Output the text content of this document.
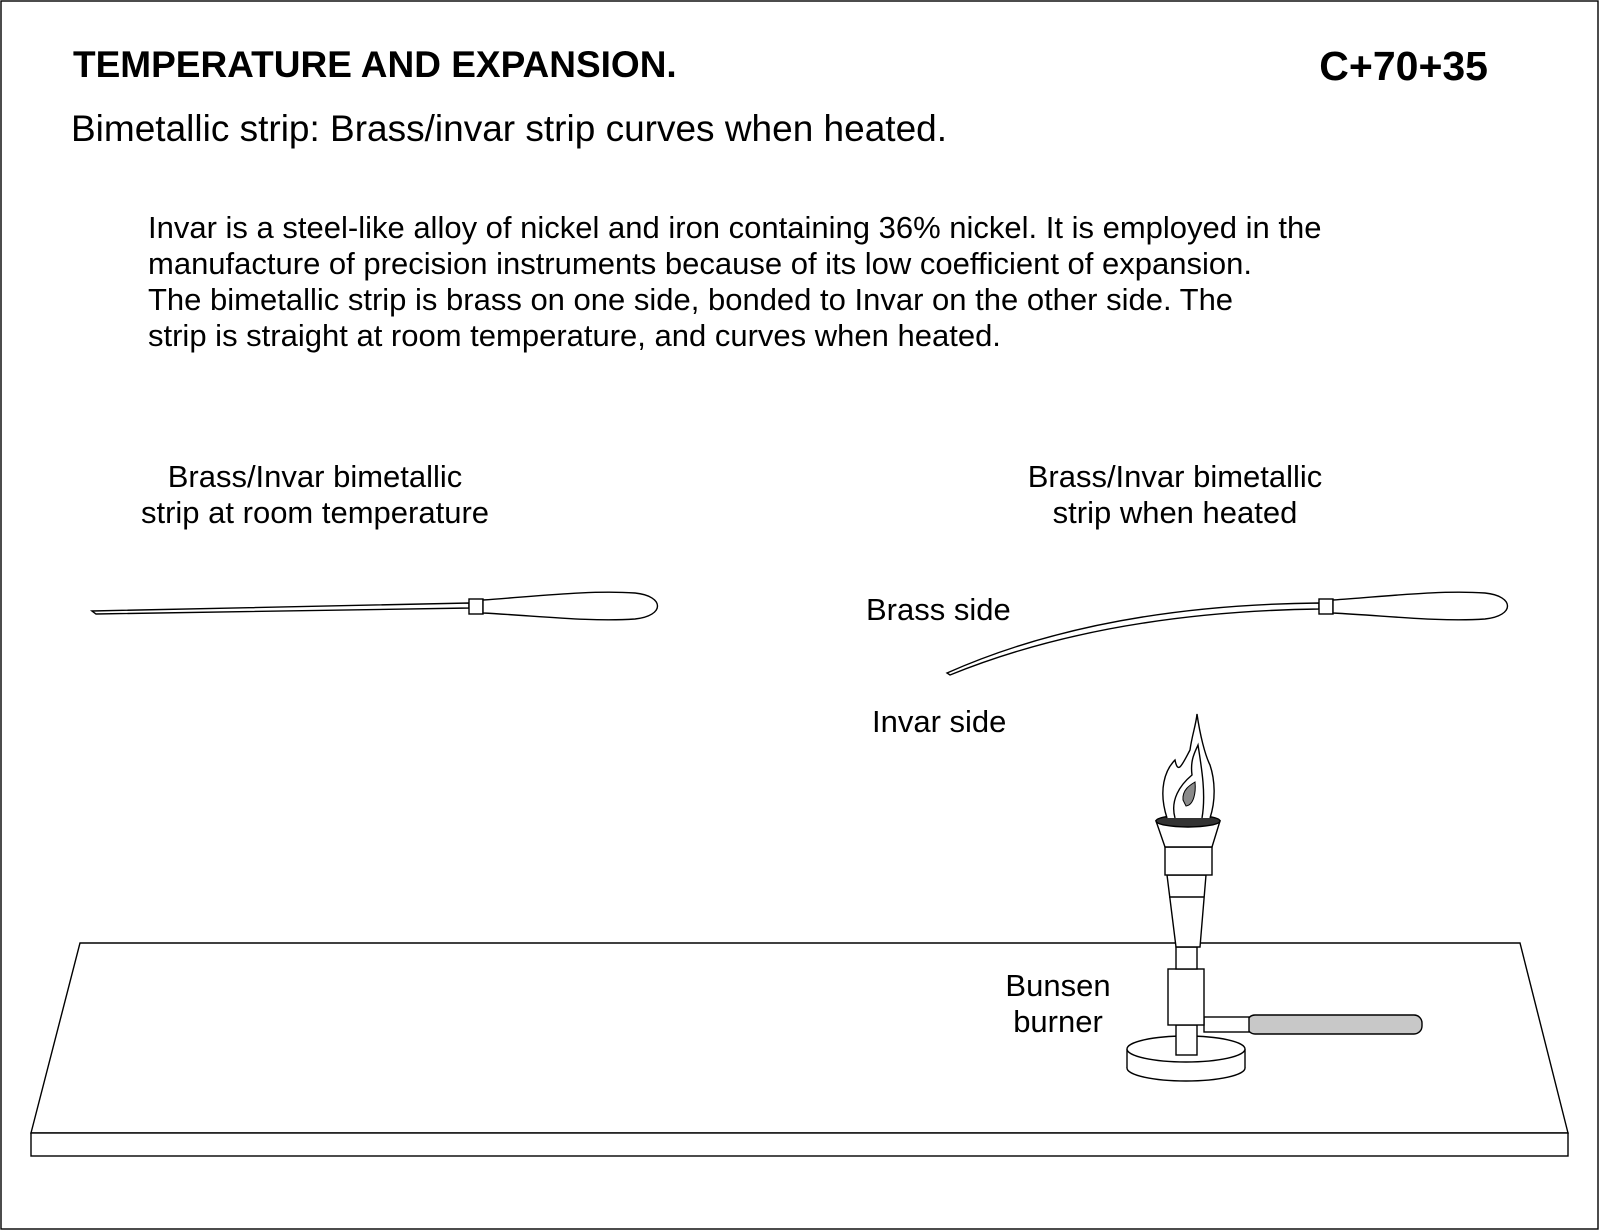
TEMPERATURE AND EXPANSION.	C+70+35
Bimetallic strip: Brass/invar strip curves when heated.
Invar is a steel-like alloy of nickel and iron containing 36% nickel. It is employed in the
manufacture of precision instruments because of its low coefficient of expansion.
The bimetallic strip is brass on one side, bonded to Invar on the other side. The
strip is straight at room temperature, and curves when heated.
Brass/Invar bimetallic
strip at room temperature
Brass/Invar bimetallic
strip when heated
Brass side
Invar side
Bunsen
burner
